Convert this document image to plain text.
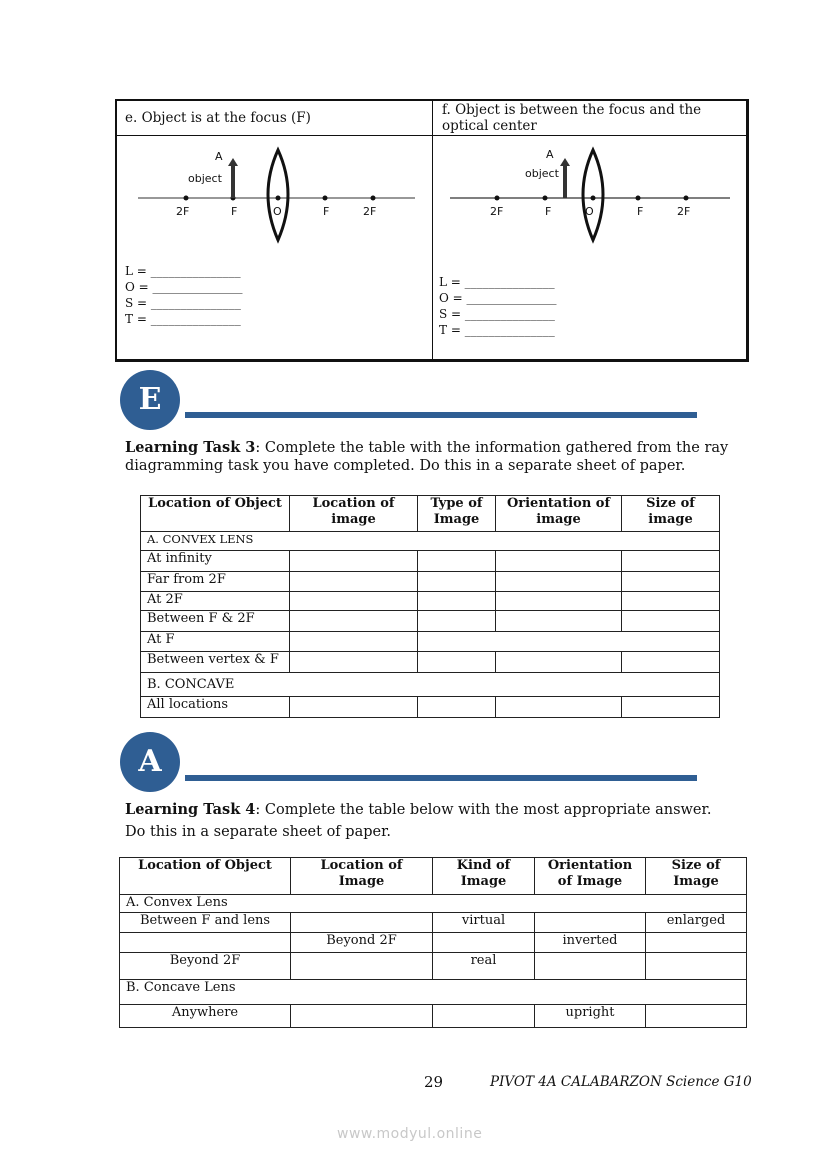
e. Object is at the focus (F)	f. Object is between the focus and the optical center
A
object
2F	F	O	F	2F
L = _______________
O = _______________
S = _______________
T = _______________
A
object
2F	F	O	F	2F
L = _______________
O = _______________
S = _______________
T = _______________
E
Learning Task 3: Complete the table with the information gathered from the ray diagramming task you have completed. Do this in a separate sheet of paper.
Location of Object	Location of image	Type of Image	Orientation of image	Size of image
A. CONVEX LENS				
At infinity				
Far from 2F				
At 2F				
Between F & 2F				
At F				
Between vertex & F				
B. CONCAVE				
All locations				
A
Learning Task 4: Complete the table below with the most appropriate answer. Do this in a separate sheet of paper.
Location of Object	Location of Image	Kind of Image	Orientation of Image	Size of Image
A. Convex Lens				
Between F and lens		virtual		enlarged
	Beyond 2F		inverted	
Beyond 2F		real		
B. Concave Lens				
Anywhere			upright	
29	PIVOT 4A CALABARZON Science G10
www.modyul.online
